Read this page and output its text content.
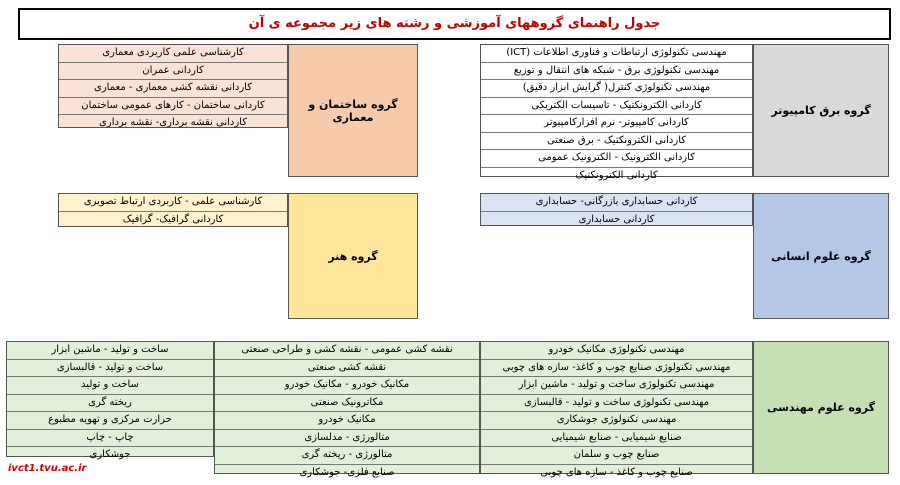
جدول راهنمای گروههای آموزشی و رشته های زیر مجموعه ی آن
کارشناسی علمی کاربردی معماری
کاردانی عمران
کاردانی نقشه کشی معماری - معماری
کاردانی ساختمان - کارهای عمومی ساختمان
کاردانی نقشه برداری- نقشه برداری
گروه ساختمان و معماری
مهندسی تکنولوژی ارتباطات و فناوری اطلاعات (ICT)
مهندسی تکنولوژی برق - شبکه های انتقال و توزیع
مهندسی تکنولوژی کنترل( گرایش ابزار دقیق)
کاردانی الکترونکتیک - تاسیسات الکتریکی
کاردانی کامپیوتر- نرم افزارکامپیوتر
کاردانی الکترونکتیک - برق صنعتی
کاردانی الکترونیک - الکترونیک عمومی
کاردانی الکترونکتیک
گروه برق کامپیوتر
کارشناسی علمی - کاربردی ارتباط تصویری
کاردانی گرافیک- گرافیک
گروه هنر
کاردانی حسابداری بازرگانی- حسابداری
کاردانی حسابداری
گروه علوم انسانی
ساخت و تولید - ماشین ابزار
ساخت و تولید - قالبسازی
ساخت و تولید
ریخته گری
حرارت مرکزی و تهویه مطبوع
چاپ - چاپ
جوشکاری
نقشه کشی عمومی - نقشه کشی و طراحی صنعتی
نقشه کشی صنعتی
مکانیک خودرو - مکانیک خودرو
مکاترونیک صنعتی
مکانیک خودرو
متالورژی - مدلسازی
متالورژی - ریخته گری
صنایع فلزی- جوشکاری
مهندسی تکنولوژی مکانیک خودرو
مهندسی تکنولوژی صنایع چوب و کاغذ- سازه های چوبی
مهندسی تکنولوژی ساخت و تولید - ماشین ابزار
مهندسی تکنولوژی ساخت و تولید - قالبسازی
مهندسی تکنولوژی جوشکاری
صنایع شیمیایی - صنایع شیمیایی
صنایع چوب و سلمان
صنایع چوب و کاغذ - سازه های چوبی
گروه علوم مهندسی
ivct1.tvu.ac.ir
